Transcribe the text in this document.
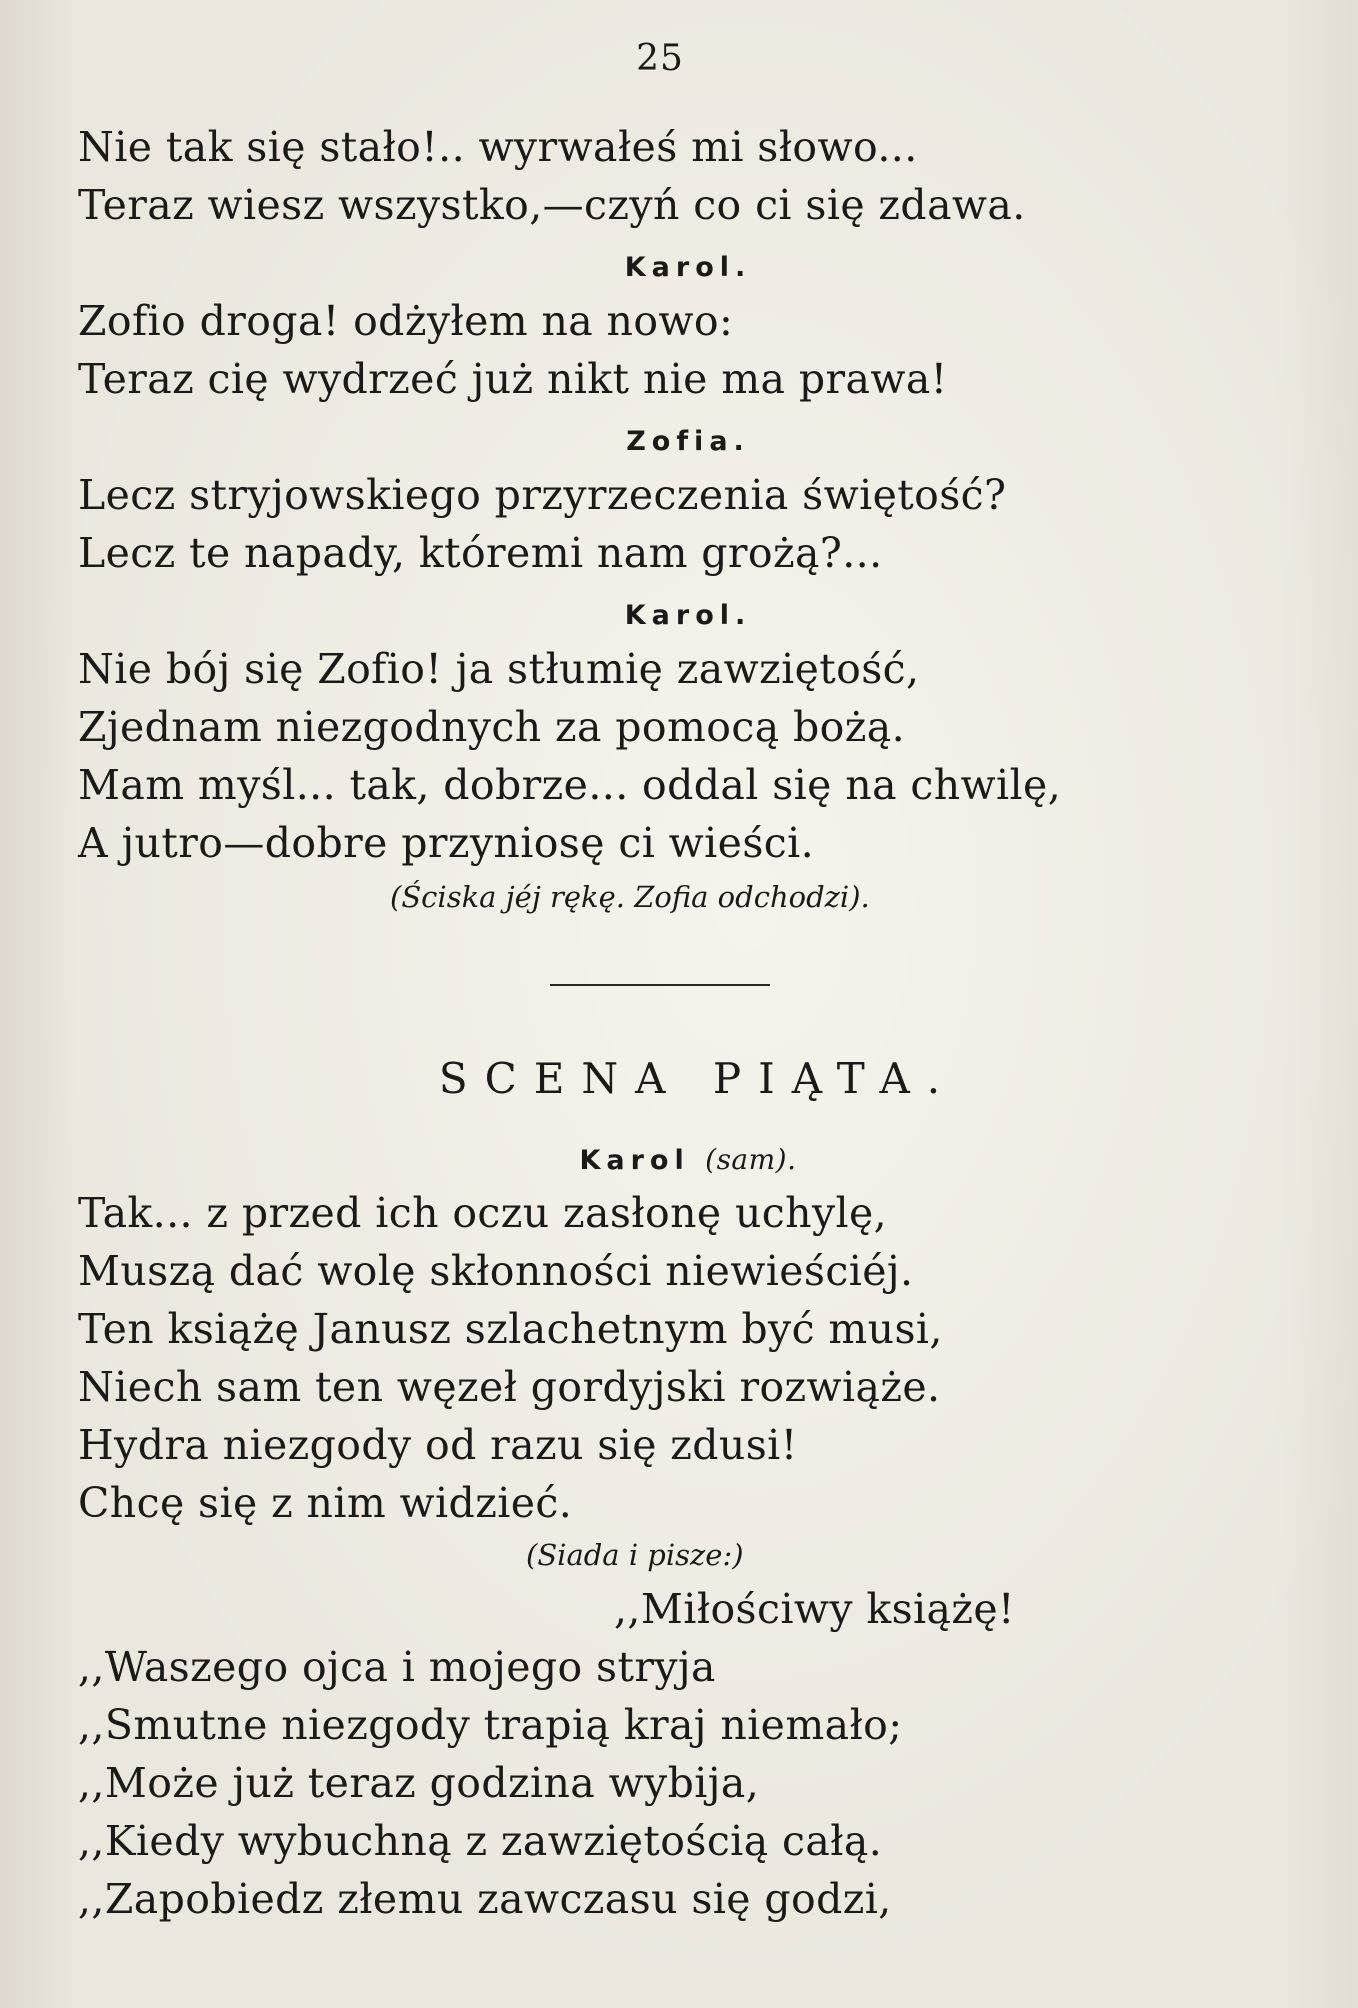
25
Nie tak się stało!.. wyrwałeś mi słowo...
Teraz wiesz wszystko,—czyń co ci się zdawa.
Karol.
Zofio droga! odżyłem na nowo:
Teraz cię wydrzeć już nikt nie ma prawa!
Zofia.
Lecz stryjowskiego przyrzeczenia świętość?
Lecz te napady, któremi nam grożą?...
Karol.
Nie bój się Zofio! ja stłumię zawziętość,
Zjednam niezgodnych za pomocą bożą.
Mam myśl... tak, dobrze... oddal się na chwilę,
A jutro—dobre przyniosę ci wieści.
(Ściska jéj rękę. Zofia odchodzi).
SCENA PIĄTA.
Karol (sam).
Tak... z przed ich oczu zasłonę uchylę,
Muszą dać wolę skłonności niewieściéj.
Ten książę Janusz szlachetnym być musi,
Niech sam ten węzeł gordyjski rozwiąże.
Hydra niezgody od razu się zdusi!
Chcę się z nim widzieć.
(Siada i pisze:)
,,Miłościwy książę!
,,Waszego ojca i mojego stryja
,,Smutne niezgody trapią kraj niemało;
,,Może już teraz godzina wybija,
,,Kiedy wybuchną z zawziętością całą.
,,Zapobiedz złemu zawczasu się godzi,
